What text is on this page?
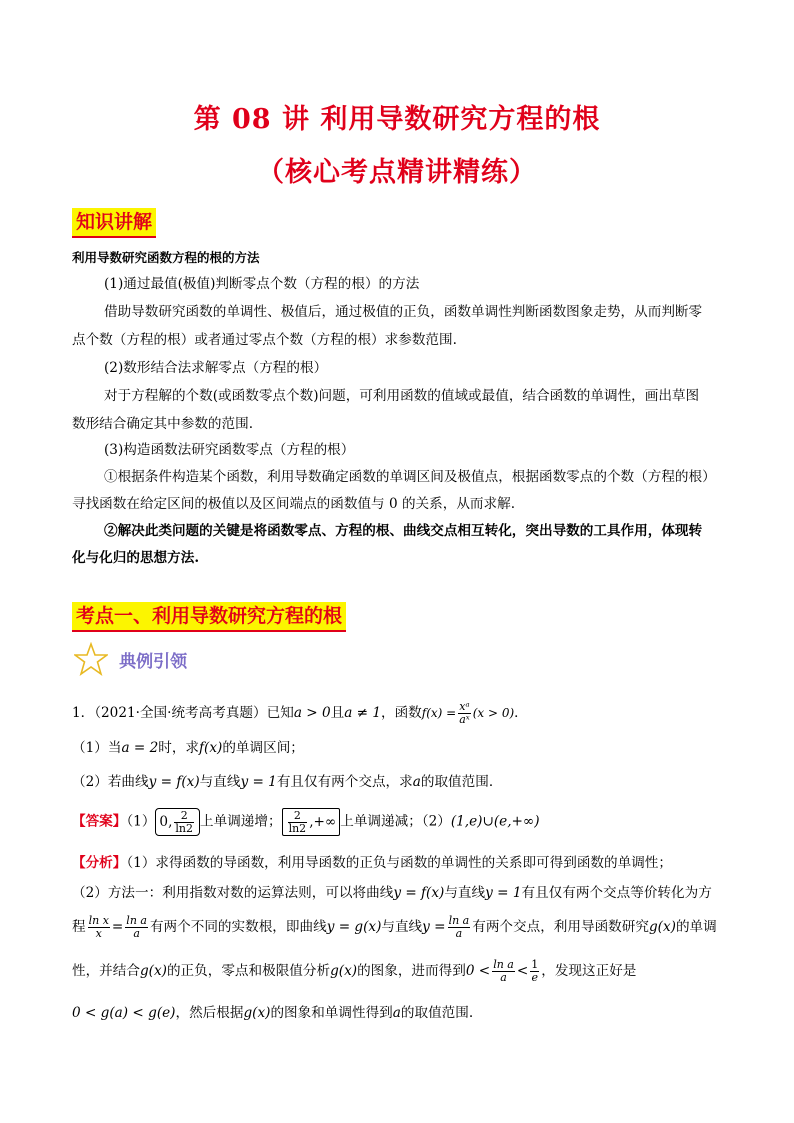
第 08 讲 利用导数研究方程的根
（核心考点精讲精练）
知识讲解
利用导数研究函数方程的根的方法
(1)通过最值(极值)判断零点个数（方程的根）的方法
借助导数研究函数的单调性、极值后，通过极值的正负，函数单调性判断函数图象走势，从而判断零
点个数（方程的根）或者通过零点个数（方程的根）求参数范围.
(2)数形结合法求解零点（方程的根）
对于方程解的个数(或函数零点个数)问题，可利用函数的值域或最值，结合函数的单调性，画出草图
数形结合确定其中参数的范围.
(3)构造函数法研究函数零点（方程的根）
①根据条件构造某个函数，利用导数确定函数的单调区间及极值点，根据函数零点的个数（方程的根）
寻找函数在给定区间的极值以及区间端点的函数值与 0 的关系，从而求解.
②解决此类问题的关键是将函数零点、方程的根、曲线交点相互转化，突出导数的工具作用，体现转
化与化归的思想方法.
考点一、利用导数研究方程的根
典例引领
1．（2021·全国·统考高考真题）已知a > 0且a ≠ 1，函数$f(x) = \frac{\text{xᵃ}}{\text{aˣ}} (x > 0)$．
（1）当a = 2时，求f(x)的单调区间；
（2）若曲线y = f(x)与直线y = 1有且仅有两个交点，求a的取值范围．
【答案】（1） 0, $\frac{2}{\ln 2}$ 上单调递增； $\frac{2}{\ln 2}$ ,+∞ 上单调递减；（2）(1,e)∪(e,+∞)
【分析】（1）求得函数的导函数，利用导函数的正负与函数的单调性的关系即可得到函数的单调性；
（2）方法一：利用指数对数的运算法则，可以将曲线y = f(x)与直线y = 1有且仅有两个交点等价转化为方
程 $\frac{\text{ln x}}{x} = \frac{\text{ln a}}{a}$ 有两个不同的实数根，即曲线y = g(x)与直线$y = \frac{\text{ln a}}{a}$ 有两个交点，利用导函数研究g(x)的单调
性，并结合g(x)的正负，零点和极限值分析g(x)的图象，进而得到$0 < \frac{\text{ln a}}{a} < \frac{1}{e}$ ，发现这正好是
0 < g(a) < g(e)，然后根据g(x)的图象和单调性得到a的取值范围.
